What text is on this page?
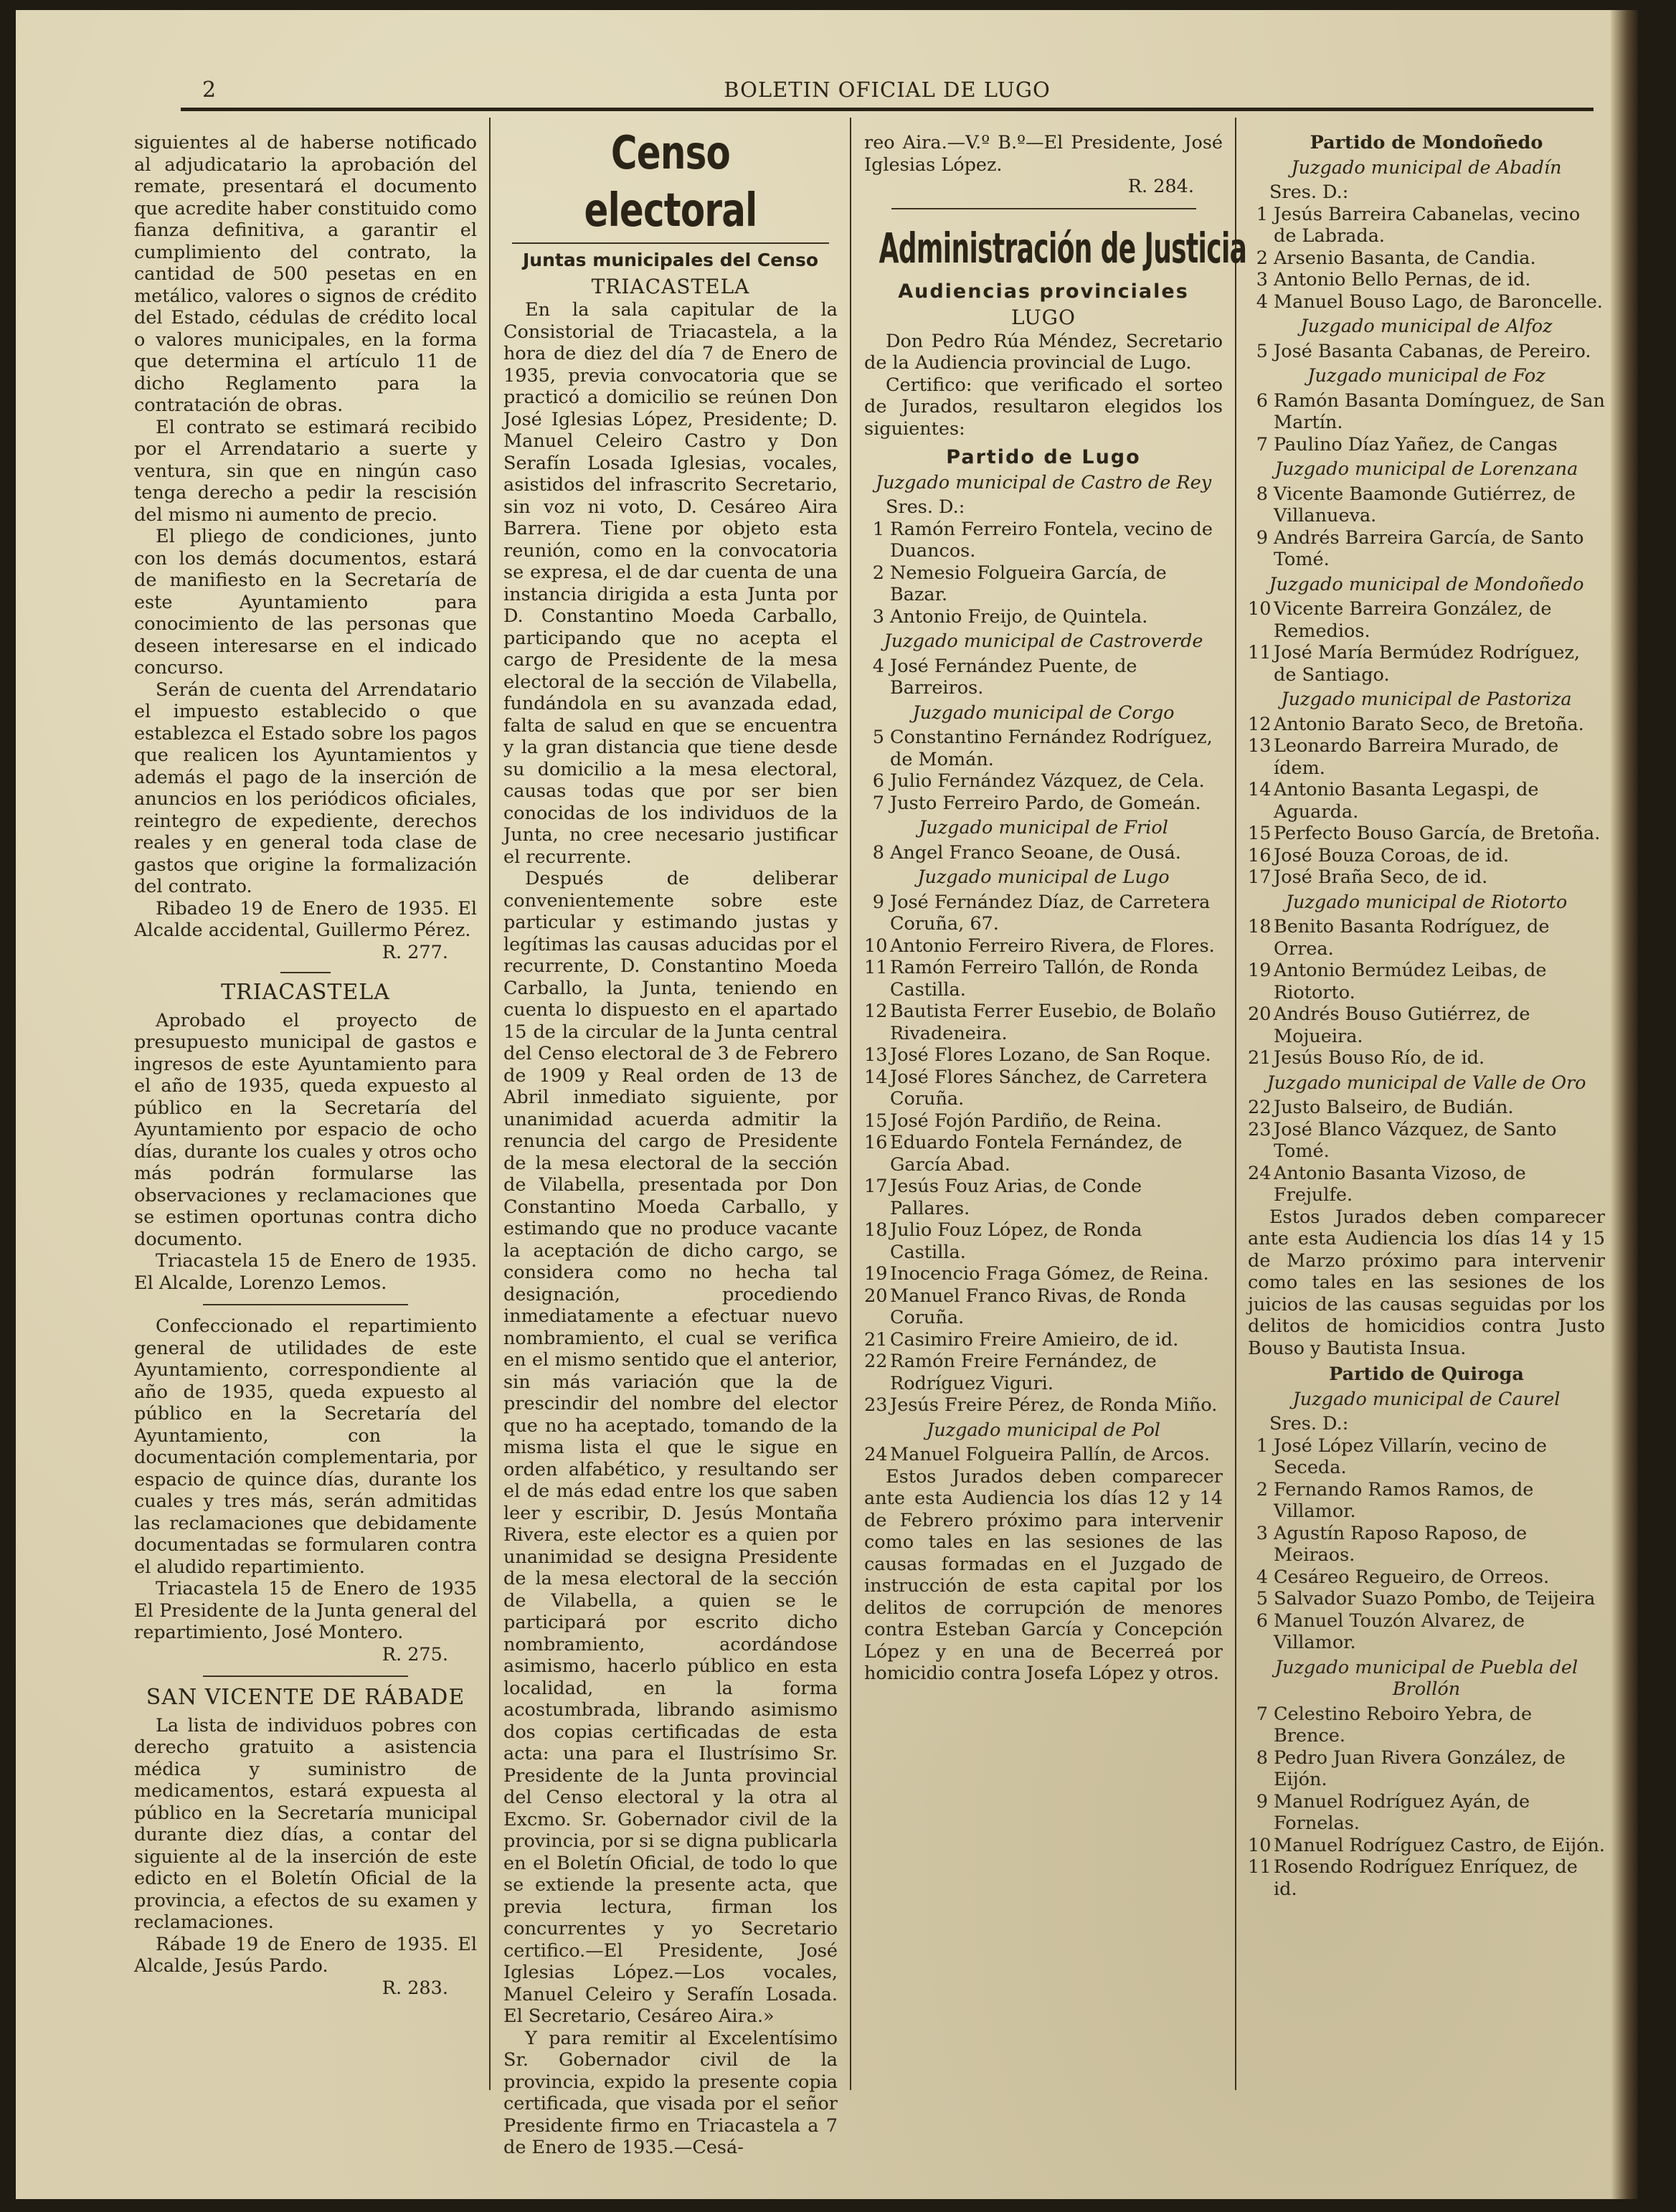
2	BOLETIN OFICIAL DE LUGO

siguientes al de haberse notificado al adjudicatario la aprobación del remate, presentará el documento que acredite haber constituido como fianza definitiva, a garantir el cumplimiento del contrato, la cantidad de 500 pesetas en en metálico, valores o signos de crédito del Estado, cédulas de crédito local o valores municipales, en la forma que determina el artículo 11 de dicho Reglamento para la contratación de obras.

El contrato se estimará recibido por el Arrendatario a suerte y ventura, sin que en ningún caso tenga derecho a pedir la rescisión del mismo ni aumento de precio.

El pliego de condiciones, junto con los demás documentos, estará de manifiesto en la Secretaría de este Ayuntamiento para conocimiento de las personas que deseen interesarse en el indicado concurso.

Serán de cuenta del Arrendatario el impuesto establecido o que establezca el Estado sobre los pagos que realicen los Ayuntamientos y además el pago de la inserción de anuncios en los periódicos oficiales, reintegro de expediente, derechos reales y en general toda clase de gastos que origine la formalización del contrato.

Ribadeo 19 de Enero de 1935. El Alcalde accidental, Guillermo Pérez.

R. 277.
TRIACASTELA

Aprobado el proyecto de presupuesto municipal de gastos e ingresos de este Ayuntamiento para el año de 1935, queda expuesto al público en la Secretaría del Ayuntamiento por espacio de ocho días, durante los cuales y otros ocho más podrán formularse las observaciones y reclamaciones que se estimen oportunas contra dicho documento.

Triacastela 15 de Enero de 1935. El Alcalde, Lorenzo Lemos.

Confeccionado el repartimiento general de utilidades de este Ayuntamiento, correspondiente al año de 1935, queda expuesto al público en la Secretaría del Ayuntamiento, con la documentación complementaria, por espacio de quince días, durante los cuales y tres más, serán admitidas las reclamaciones que debidamente documentadas se formularen contra el aludido repartimiento.

Triacastela 15 de Enero de 1935 El Presidente de la Junta general del repartimiento, José Montero.

R. 275.
SAN VICENTE DE RÁBADE

La lista de individuos pobres con derecho gratuito a asistencia médica y suministro de medicamentos, estará expuesta al público en la Secretaría municipal durante diez días, a contar del siguiente al de la inserción de este edicto en el Boletín Oficial de la provincia, a efectos de su examen y reclamaciones.

Rábade 19 de Enero de 1935. El Alcalde, Jesús Pardo.

R. 283.
Censo electoral
Juntas municipales del Censo
TRIACASTELA

En la sala capitular de la Consistorial de Triacastela, a la hora de diez del día 7 de Enero de 1935, previa convocatoria que se practicó a domicilio se reúnen Don José Iglesias López, Presidente; D. Manuel Celeiro Castro y Don Serafín Losada Iglesias, vocales, asistidos del infrascrito Secretario, sin voz ni voto, D. Cesáreo Aira Barrera. Tiene por objeto esta reunión, como en la convocatoria se expresa, el de dar cuenta de una instancia dirigida a esta Junta por D. Constantino Moeda Carballo, participando que no acepta el cargo de Presidente de la mesa electoral de la sección de Vilabella, fundándola en su avanzada edad, falta de salud en que se encuentra y la gran distancia que tiene desde su domicilio a la mesa electoral, causas todas que por ser bien conocidas de los individuos de la Junta, no cree necesario justificar el recurrente.

Después de deliberar convenientemente sobre este particular y estimando justas y legítimas las causas aducidas por el recurrente, D. Constantino Moeda Carballo, la Junta, teniendo en cuenta lo dispuesto en el apartado 15 de la circular de la Junta central del Censo electoral de 3 de Febrero de 1909 y Real orden de 13 de Abril inmediato siguiente, por unanimidad acuerda admitir la renuncia del cargo de Presidente de la mesa electoral de la sección de Vilabella, presentada por Don Constantino Moeda Carballo, y estimando que no produce vacante la aceptación de dicho cargo, se considera como no hecha tal designación, procediendo inmediatamente a efectuar nuevo nombramiento, el cual se verifica en el mismo sentido que el anterior, sin más variación que la de prescindir del nombre del elector que no ha aceptado, tomando de la misma lista el que le sigue en orden alfabético, y resultando ser el de más edad entre los que saben leer y escribir, D. Jesús Montaña Rivera, este elector es a quien por unanimidad se designa Presidente de la mesa electoral de la sección de Vilabella, a quien se le participará por escrito dicho nombramiento, acordándose asimismo, hacerlo público en esta localidad, en la forma acostumbrada, librando asimismo dos copias certificadas de esta acta: una para el Ilustrísimo Sr. Presidente de la Junta provincial del Censo electoral y la otra al Excmo. Sr. Gobernador civil de la provincia, por si se digna publicarla en el Boletín Oficial, de todo lo que se extiende la presente acta, que previa lectura, firman los concurrentes y yo Secretario certifico.—El Presidente, José Iglesias López.—Los vocales, Manuel Celeiro y Serafín Losada. El Secretario, Cesáreo Aira.»

Y para remitir al Excelentísimo Sr. Gobernador civil de la provincia, expido la presente copia certificada, que visada por el señor Presidente firmo en Triacastela a 7 de Enero de 1935.—Cesá-

reo Aira.—V.º B.º—El Presidente, José Iglesias López.

R. 284.
Administración de Justicia
Audiencias provinciales
LUGO

Don Pedro Rúa Méndez, Secretario de la Audiencia provincial de Lugo.

Certifico: que verificado el sorteo de Jurados, resultaron elegidos los siguientes:

Partido de Lugo
Juzgado municipal de Castro de Rey

Sres. D.:

1 Ramón Ferreiro Fontela, vecino de Duancos.
2 Nemesio Folgueira García, de Bazar.
3 Antonio Freijo, de Quintela.
Juzgado municipal de Castroverde
4 José Fernández Puente, de Barreiros.
Juzgado municipal de Corgo
5 Constantino Fernández Rodríguez, de Momán.
6 Julio Fernández Vázquez, de Cela.
7 Justo Ferreiro Pardo, de Gomeán.
Juzgado municipal de Friol
8 Angel Franco Seoane, de Ousá.
Juzgado municipal de Lugo
9 José Fernández Díaz, de Carretera Coruña, 67.
10 Antonio Ferreiro Rivera, de Flores.
11 Ramón Ferreiro Tallón, de Ronda Castilla.
12 Bautista Ferrer Eusebio, de Bolaño Rivadeneira.
13 José Flores Lozano, de San Roque.
14 José Flores Sánchez, de Carretera Coruña.
15 José Fojón Pardiño, de Reina.
16 Eduardo Fontela Fernández, de García Abad.
17 Jesús Fouz Arias, de Conde Pallares.
18 Julio Fouz López, de Ronda Castilla.
19 Inocencio Fraga Gómez, de Reina.
20 Manuel Franco Rivas, de Ronda Coruña.
21 Casimiro Freire Amieiro, de id.
22 Ramón Freire Fernández, de Rodríguez Viguri.
23 Jesús Freire Pérez, de Ronda Miño.
Juzgado municipal de Pol
24 Manuel Folgueira Pallín, de Arcos.

Estos Jurados deben comparecer ante esta Audiencia los días 12 y 14 de Febrero próximo para intervenir como tales en las sesiones de las causas formadas en el Juzgado de instrucción de esta capital por los delitos de corrupción de menores contra Esteban García y Concepción López y en una de Becerreá por homicidio contra Josefa López y otros.

Partido de Mondoñedo
Juzgado municipal de Abadín

Sres. D.:

1 Jesús Barreira Cabanelas, vecino de Labrada.
2 Arsenio Basanta, de Candia.
3 Antonio Bello Pernas, de id.
4 Manuel Bouso Lago, de Baroncelle.
Juzgado municipal de Alfoz
5 José Basanta Cabanas, de Pereiro.
Juzgado municipal de Foz
6 Ramón Basanta Domínguez, de San Martín.
7 Paulino Díaz Yañez, de Cangas
Juzgado municipal de Lorenzana
8 Vicente Baamonde Gutiérrez, de Villanueva.
9 Andrés Barreira García, de Santo Tomé.
Juzgado municipal de Mondoñedo
10 Vicente Barreira González, de Remedios.
11 José María Bermúdez Rodríguez, de Santiago.
Juzgado municipal de Pastoriza
12 Antonio Barato Seco, de Bretoña.
13 Leonardo Barreira Murado, de ídem.
14 Antonio Basanta Legaspi, de Aguarda.
15 Perfecto Bouso García, de Bretoña.
16 José Bouza Coroas, de id.
17 José Braña Seco, de id.
Juzgado municipal de Riotorto
18 Benito Basanta Rodríguez, de Orrea.
19 Antonio Bermúdez Leibas, de Riotorto.
20 Andrés Bouso Gutiérrez, de Mojueira.
21 Jesús Bouso Río, de id.
Juzgado municipal de Valle de Oro
22 Justo Balseiro, de Budián.
23 José Blanco Vázquez, de Santo Tomé.
24 Antonio Basanta Vizoso, de Frejulfe.

Estos Jurados deben comparecer ante esta Audiencia los días 14 y 15 de Marzo próximo para intervenir como tales en las sesiones de los juicios de las causas seguidas por los delitos de homicidios contra Justo Bouso y Bautista Insua.

Partido de Quiroga
Juzgado municipal de Caurel

Sres. D.:

1 José López Villarín, vecino de Seceda.
2 Fernando Ramos Ramos, de Villamor.
3 Agustín Raposo Raposo, de Meiraos.
4 Cesáreo Regueiro, de Orreos.
5 Salvador Suazo Pombo, de Teijeira
6 Manuel Touzón Alvarez, de Villamor.
Juzgado municipal de Puebla del Brollón
7 Celestino Reboiro Yebra, de Brence.
8 Pedro Juan Rivera González, de Eijón.
9 Manuel Rodríguez Ayán, de Fornelas.
10 Manuel Rodríguez Castro, de Eijón.
11 Rosendo Rodríguez Enríquez, de id.
